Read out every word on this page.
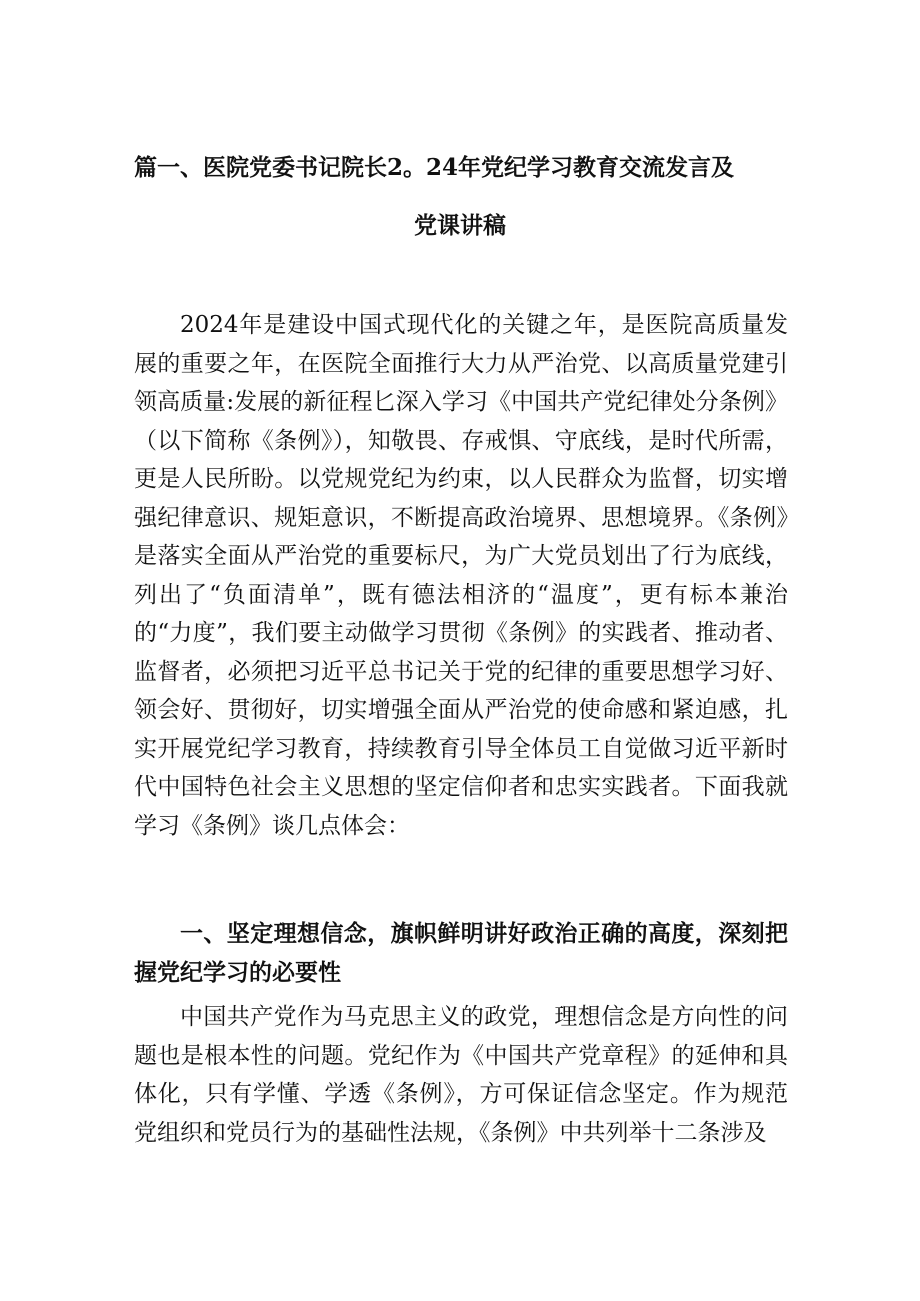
篇一、医院党委书记院长2。24年党纪学习教育交流发言及
党课讲稿

2024年是建设中国式现代化的关键之年，是医院高质量发展的重要之年，在医院全面推行大力从严治党、以高质量党建引领高质量:发展的新征程匕深入学习《中国共产党纪律处分条例》（以下简称《条例》），知敬畏、存戒惧、守底线，是时代所需，更是人民所盼。以党规党纪为约束，以人民群众为监督，切实增强纪律意识、规矩意识，不断提高政治境界、思想境界。《条例》是落实全面从严治党的重要标尺，为广大党员划出了行为底线，列出了“负面清单”，既有德法相济的“温度”，更有标本兼治的“力度”，我们要主动做学习贯彻《条例》的实践者、推动者、监督者，必须把习近平总书记关于党的纪律的重要思想学习好、领会好、贯彻好，切实增强全面从严治党的使命感和紧迫感，扎实开展党纪学习教育，持续教育引导全体员工自觉做习近平新时代中国特色社会主义思想的坚定信仰者和忠实实践者。下面我就学习《条例》谈几点体会：

一、坚定理想信念，旗帜鲜明讲好政治正确的高度，深刻把握党纪学习的必要性

中国共产党作为马克思主义的政党，理想信念是方向性的问题也是根本性的问题。党纪作为《中国共产党章程》的延伸和具体化，只有学懂、学透《条例》，方可保证信念坚定。作为规范党组织和党员行为的基础性法规，《条例》中共列举十二条涉及
